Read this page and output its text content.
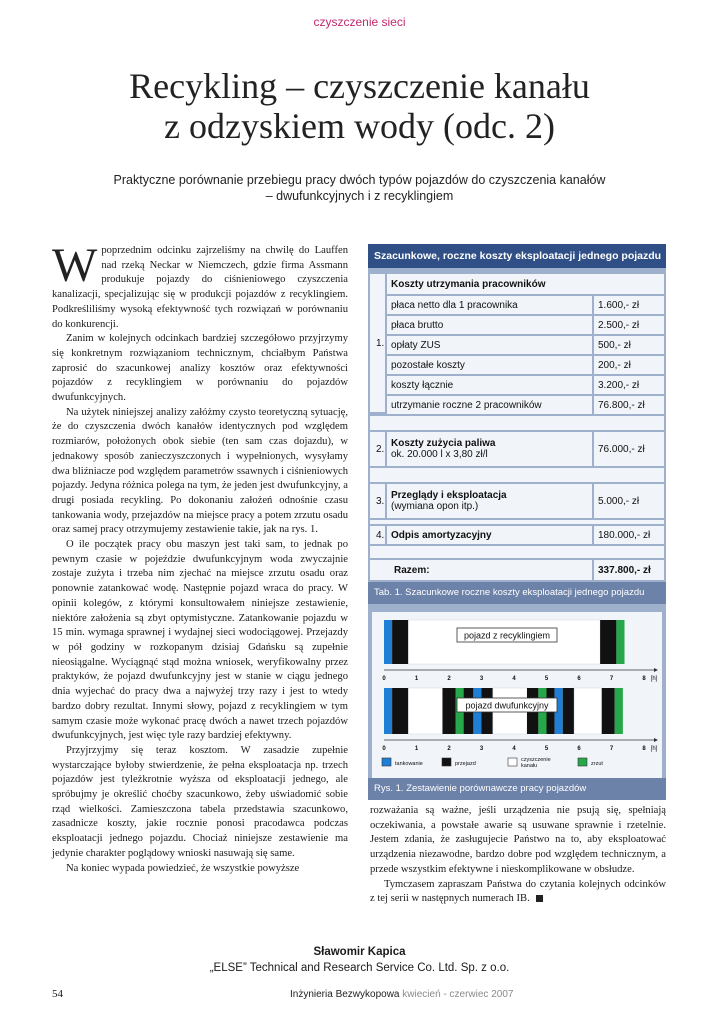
czyszczenie sieci
Recykling – czyszczenie kanału
z odzyskiem wody (odc. 2)
Praktyczne porównanie przebiegu pracy dwóch typów pojazdów do czyszczenia kanałów
– dwufunkcyjnych i z recyklingiem

Wpoprzednim odcinku zajrzeliśmy na chwilę do Lauffen nad rzeką Neckar w Niemczech, gdzie firma Assmann produkuje pojazdy do ciśnieniowego czyszczenia kanalizacji, specjalizując się w produkcji pojazdów z recyklingiem. Podkreśliliśmy wysoką efektywność tych rozwiązań w porównaniu do konkurencji.

Zanim w kolejnych odcinkach bardziej szczegółowo przyjrzymy się konkretnym rozwiązaniom technicznym, chciałbym Państwa zaprosić do szacunkowej analizy kosztów oraz efektywności pojazdów z recyklingiem w porównaniu do pojazdów dwufunkcyjnych.

Na użytek niniejszej analizy załóżmy czysto teoretyczną sytuację, że do czyszczenia dwóch kanałów identycznych pod względem rozmiarów, położonych obok siebie (ten sam czas dojazdu), w jednakowy sposób zanieczyszczonych i wypełnionych, wysyłamy dwa bliźniacze pod względem parametrów ssawnych i ciśnieniowych pojazdy. Jedyna różnica polega na tym, że jeden jest dwufunkcyjny, a drugi posiada recykling. Po dokonaniu założeń odnośnie czasu tankowania wody, przejazdów na miejsce pracy a potem zrzutu osadu oraz samej pracy otrzymujemy zestawienie takie, jak na rys. 1.

O ile początek pracy obu maszyn jest taki sam, to jednak po pewnym czasie w pojeździe dwufunkcyjnym woda zwyczajnie zostaje zużyta i trzeba nim zjechać na miejsce zrzutu osadu oraz ponownie zatankować wodę. Następnie pojazd wraca do pracy. W opinii kolegów, z którymi konsultowałem niniejsze zestawienie, niektóre założenia są zbyt optymistyczne. Zatankowanie pojazdu w 15 min. wymaga sprawnej i wydajnej sieci wodociągowej. Przejazdy w pół godziny w rozkopanym dzisiaj Gdańsku są zupełnie nieosiągalne. Wyciągnąć stąd można wniosek, weryfikowalny przez praktyków, że pojazd dwufunkcyjny jest w stanie w ciągu jednego dnia wyjechać do pracy dwa a najwyżej trzy razy i jest to wtedy bardzo dobry rezultat. Innymi słowy, pojazd z recyklingiem w tym samym czasie może wykonać pracę dwóch a nawet trzech pojazdów dwufunkcyjnych, jest więc tyle razy bardziej efektywny.

Przyjrzyjmy się teraz kosztom. W zasadzie zupełnie wystarczające byłoby stwierdzenie, że pełna eksploatacja np. trzech pojazdów jest tyleżkrotnie wyższa od eksploatacji jednego, ale spróbujmy je określić choćby szacunkowo, żeby uświadomić sobie rząd wielkości. Zamieszczona tabela przedstawia szacunkowo, zasadnicze koszty, jakie rocznie ponosi pracodawca podczas eksploatacji jednego pojazdu. Chociaż niniejsze zestawienie ma jedynie charakter poglądowy wnioski nasuwają się same.

Na koniec wypada powiedzieć, że wszystkie powyższe

Szacunkowe, roczne koszty eksploatacji jednego pojazdu
1.
Koszty utrzymania pracowników
płaca netto dla 1 pracownika	1.600,- zł
płaca brutto	2.500,- zł
opłaty ZUS	500,- zł
pozostałe koszty	200,- zł
koszty łącznie	3.200,- zł
utrzymanie roczne 2 pracowników	76.800,- zł
2. Koszty zużycia paliwa
ok. 20.000 l x 3,80 zł/l	76.000,- zł
3. Przeglądy i eksploatacja
(wymiana opon itp.)	5.000,- zł
4. Odpis amortyzacyjny	180.000,- zł
Razem:	337.800,- zł
Tab. 1. Szacunkowe roczne koszty eksploatacji jednego pojazdu
pojazd z recyklingiem
0	1	2	3	4	5	6	7	8 [h]
pojazd dwufunkcyjny
0	1	2	3	4	5	6	7	8 [h]
tankowanie	przejazd
czyszczenie
kanału	zrzut
Rys. 1. Zestawienie porównawcze pracy pojazdów

rozważania są ważne, jeśli urządzenia nie psują się, spełniają oczekiwania, a powstałe awarie są usuwane sprawnie i rzetelnie. Jestem zdania, że zasługujecie Państwo na to, aby eksploatować urządzenia niezawodne, bardzo dobre pod względem technicznym, a przede wszystkim efektywne i nieskomplikowane w obsłudze.

Tymczasem zapraszam Państwa do czytania kolejnych odcinków z tej serii w następnych numerach IB.

Sławomir Kapica
„ELSE” Technical and Research Service Co. Ltd. Sp. z o.o.
54	Inżynieria Bezwykopowa kwiecień - czerwiec 2007
